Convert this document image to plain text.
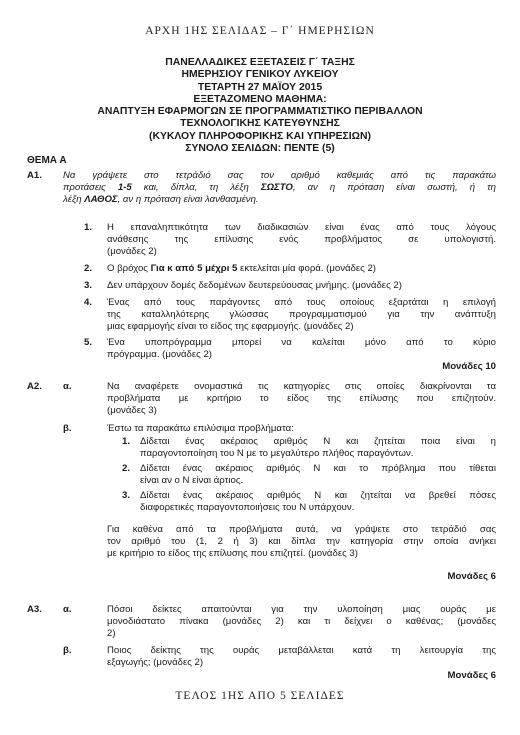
ΑΡΧΗ 1ΗΣ ΣΕΛΙΔΑΣ – Γ΄ ΗΜΕΡΗΣΙΩΝ
ΠΑΝΕΛΛΑΔΙΚΕΣ ΕΞΕΤΑΣΕΙΣ Γ΄ ΤΑΞΗΣ
ΗΜΕΡΗΣΙΟΥ ΓΕΝΙΚΟΥ ΛΥΚΕΙΟΥ
ΤΕΤΑΡΤΗ 27 ΜΑΪΟΥ 2015
ΕΞΕΤΑΖΟΜΕΝΟ ΜΑΘΗΜΑ:
ΑΝΑΠΤΥΞΗ ΕΦΑΡΜΟΓΩΝ ΣΕ ΠΡΟΓΡΑΜΜΑΤΙΣΤΙΚΟ ΠΕΡΙΒΑΛΛΟΝ
ΤΕΧΝΟΛΟΓΙΚΗΣ ΚΑΤΕΥΘΥΝΣΗΣ
(ΚΥΚΛΟΥ ΠΛΗΡΟΦΟΡΙΚΗΣ ΚΑΙ ΥΠΗΡΕΣΙΩΝ)
ΣΥΝΟΛΟ ΣΕΛΙΔΩΝ: ΠΕΝΤΕ (5)
ΘΕΜΑ Α
Α1. Να γράψετε στο τετράδιό σας τον αριθμό καθεμιάς από τις παρακάτω
προτάσεις 1-5 και, δίπλα, τη λέξη ΣΩΣΤΟ, αν η πρόταση είναι σωστή, ή τη
λέξη ΛΑΘΟΣ, αν η πρόταση είναι λανθασμένη.
1. Η επαναληπτικότητα των διαδικασιών είναι ένας από τους λόγους
ανάθεσης της επίλυσης ενός προβλήματος σε υπολογιστή.
(μονάδες 2)
2. Ο βρόχος Για κ από 5 μέχρι 5 εκτελείται μία φορά. (μονάδες 2)
3. Δεν υπάρχουν δομές δεδομένων δευτερεύουσας μνήμης. (μονάδες 2)
4. Ένας από τους παράγοντες από τους οποίους εξαρτάται η επιλογή
της καταλληλότερης γλώσσας προγραμματισμού για την ανάπτυξη
μιας εφαρμογής είναι το είδος της εφαρμογής. (μονάδες 2)
5. Ένα υποπρόγραμμα μπορεί να καλείται μόνο από το κύριο
πρόγραμμα. (μονάδες 2)
Μονάδες 10
Α2. α.	Να αναφέρετε ονομαστικά τις κατηγορίες στις οποίες διακρίνονται τα
προβλήματα με κριτήριο το είδος της επίλυσης που επιζητούν.
(μονάδες 3)
β.	Έστω τα παρακάτω επιλύσιμα προβλήματα:
1. Δίδεται ένας ακέραιος αριθμός Ν και ζητείται ποια είναι η
παραγοντοποίηση του Ν με το μεγαλύτερο πλήθος παραγόντων.
2. Δίδεται ένας ακέραιος αριθμός Ν και το πρόβλημα που τίθεται
είναι αν ο Ν είναι άρτιος.
3. Δίδεται ένας ακέραιος αριθμός Ν και ζητείται να βρεθεί πόσες
διαφορετικές παραγοντοποιήσεις του Ν υπάρχουν.
Για καθένα από τα προβλήματα αυτά, να γράψετε στο τετράδιό σας
τον αριθμό του (1, 2 ή 3) και δίπλα την κατηγορία στην οποία ανήκει
με κριτήριο το είδος της επίλυσης που επιζητεί. (μονάδες 3)
Μονάδες 6
Α3. α.	Πόσοι δείκτες απαιτούνται για την υλοποίηση μιας ουράς με
μονοδιάστατο πίνακα (μονάδες 2) και τι δείχνει ο καθένας; (μονάδες
2)
β.	Ποιος δείκτης της ουράς μεταβάλλεται κατά τη λειτουργία της
εξαγωγής; (μονάδες 2)
Μονάδες 6
ΤΕΛΟΣ 1ΗΣ ΑΠΟ 5 ΣΕΛΙΔΕΣ
